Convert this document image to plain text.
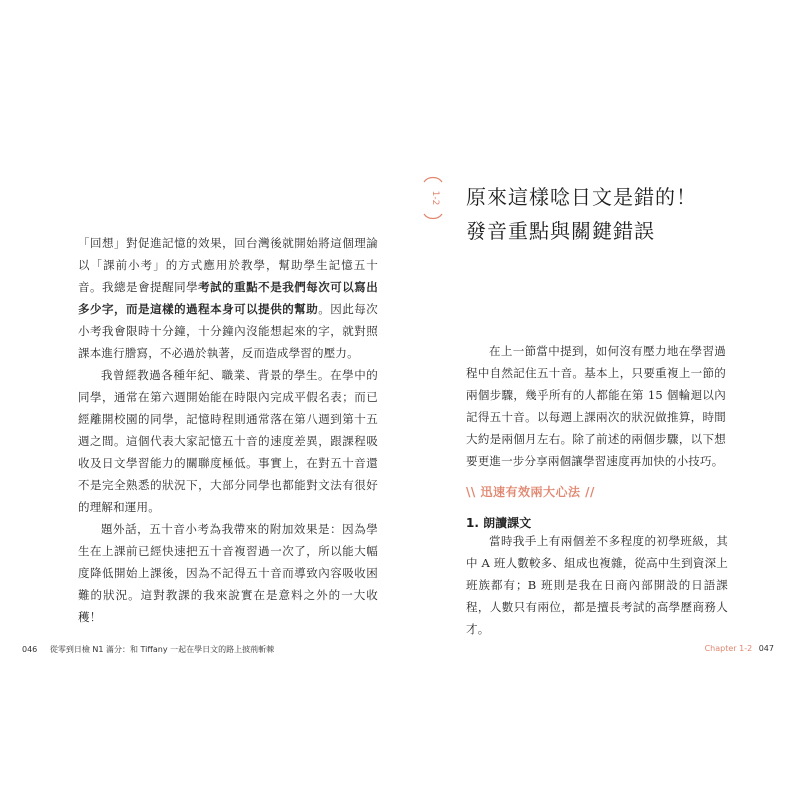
「回想」對促進記憶的效果，回台灣後就開始將這個理論以「課前小考」的方式應用於教學，幫助學生記憶五十音。我總是會提醒同學考試的重點不是我們每次可以寫出多少字，而是這樣的過程本身可以提供的幫助。因此每次小考我會限時十分鐘，十分鐘內沒能想起來的字，就對照課本進行謄寫，不必過於執著，反而造成學習的壓力。

我曾經教過各種年紀、職業、背景的學生。在學中的同學，通常在第六週開始能在時限內完成平假名表；而已經離開校園的同學，記憶時程則通常落在第八週到第十五週之間。這個代表大家記憶五十音的速度差異，跟課程吸收及日文學習能力的關聯度極低。事實上，在對五十音還不是完全熟悉的狀況下，大部分同學也都能對文法有很好的理解和運用。

題外話，五十音小考為我帶來的附加效果是：因為學生在上課前已經快速把五十音複習過一次了，所以能大幅度降低開始上課後，因為不記得五十音而導致內容吸收困難的狀況。這對教課的我來說實在是意料之外的一大收穫！

1-2 原來這樣唸日文是錯的！
發音重點與關鍵錯誤

在上一節當中提到，如何沒有壓力地在學習過程中自然記住五十音。基本上，只要重複上一節的兩個步驟，幾乎所有的人都能在第 15 個輪迴以內記得五十音。以每週上課兩次的狀況做推算，時間大約是兩個月左右。除了前述的兩個步驟，以下想要更進一步分享兩個讓學習速度再加快的小技巧。

\\ 迅速有效兩大心法 //
1. 朗讀課文

當時我手上有兩個差不多程度的初學班級，其中 A 班人數較多、組成也複雜，從高中生到資深上班族都有；B 班則是我在日商內部開設的日語課程，人數只有兩位，都是擅長考試的高學歷商務人才。

046 從零到日檢 N1 滿分：和 Tiffany 一起在學日文的路上披荊斬棘	Chapter 1-2 047
